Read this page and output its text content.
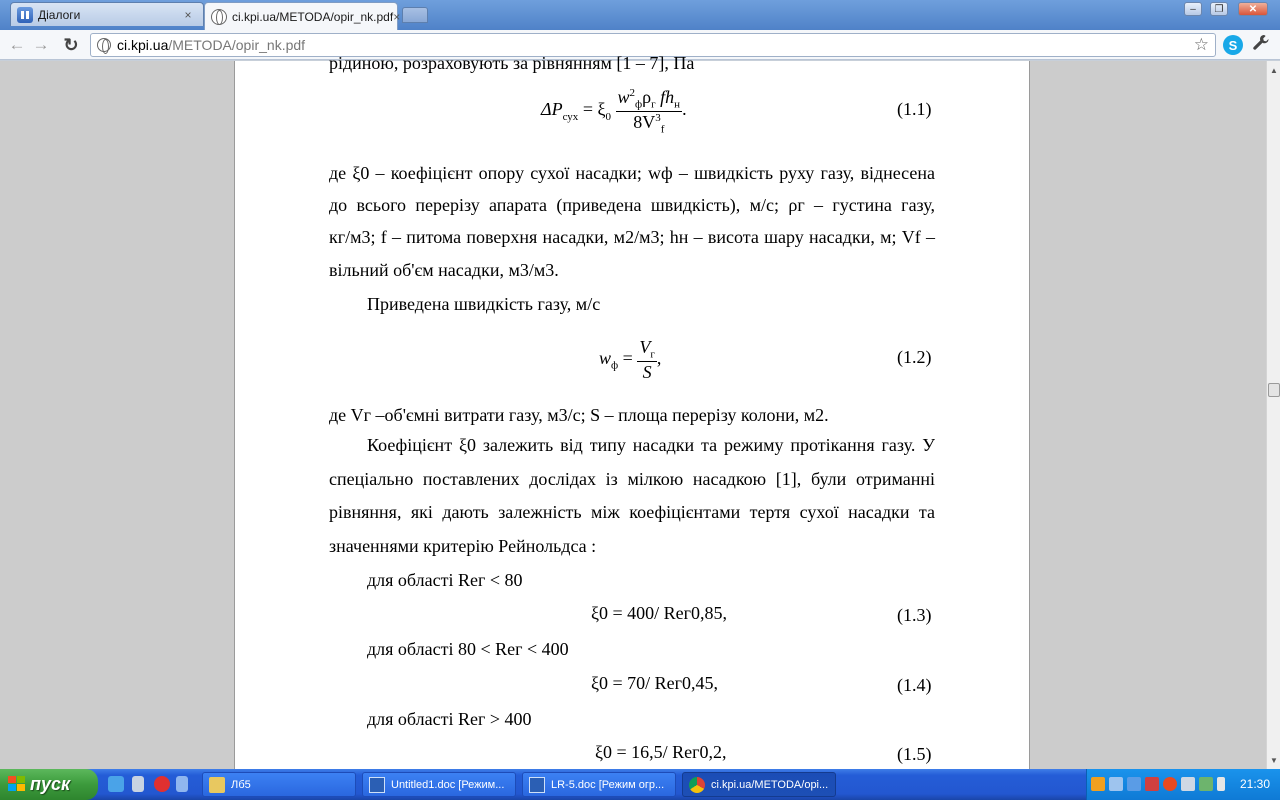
Діалоги	×	ci.kpi.ua/METODA/opir_nk.pdf ×
–	❐	✕
← → ↻	ci.kpi.ua /METODA/opir_nk.pdf	☆	S
рідиною, розраховують за рівнянням [1 – 7], Па
$\Delta P_{сух} = \xi_0 \frac{w^2_ф\rho_г fh_н}{8V^3_f}$ .	(1.1)
де ξ0 – коефіцієнт опору сухої насадки; wф – швидкість руху газу, віднесена
до всього перерізу апарата (приведена швидкість), м/с; ρг – густина газу,
кг/м3; f – питома поверхня насадки, м2/м3; hн – висота шару насадки, м; Vf –
вільний об'єм насадки, м3/м3.
Приведена швидкість газу, м/с
$w_ф = \frac{V_г}{S}$ ,	(1.2)
де Vг –об'ємні витрати газу, м3/с; S – площа перерізу колони, м2.
Коефіцієнт ξ0 залежить від типу насадки та режиму протікання газу. У
спеціально поставлених дослідах із мілкою насадкою [1], були отриманні
рівняння, які дають залежність між коефіцієнтами тертя сухої насадки та
значеннями критерію Рейнольдса :
для області Reг < 80
ξ0 = 400/ Reг0,85,	(1.3)
для області 80 < Reг < 400
ξ0 = 70/ Reг0,45,	(1.4)
для області Reг > 400
ξ0 = 16,5/ Reг0,2,	(1.5)
▲
▼
пуск	Лб5	Untitled1.doc [Режим...	LR-5.doc [Режим огр...	ci.kpi.ua/METODA/opi...	21:30
